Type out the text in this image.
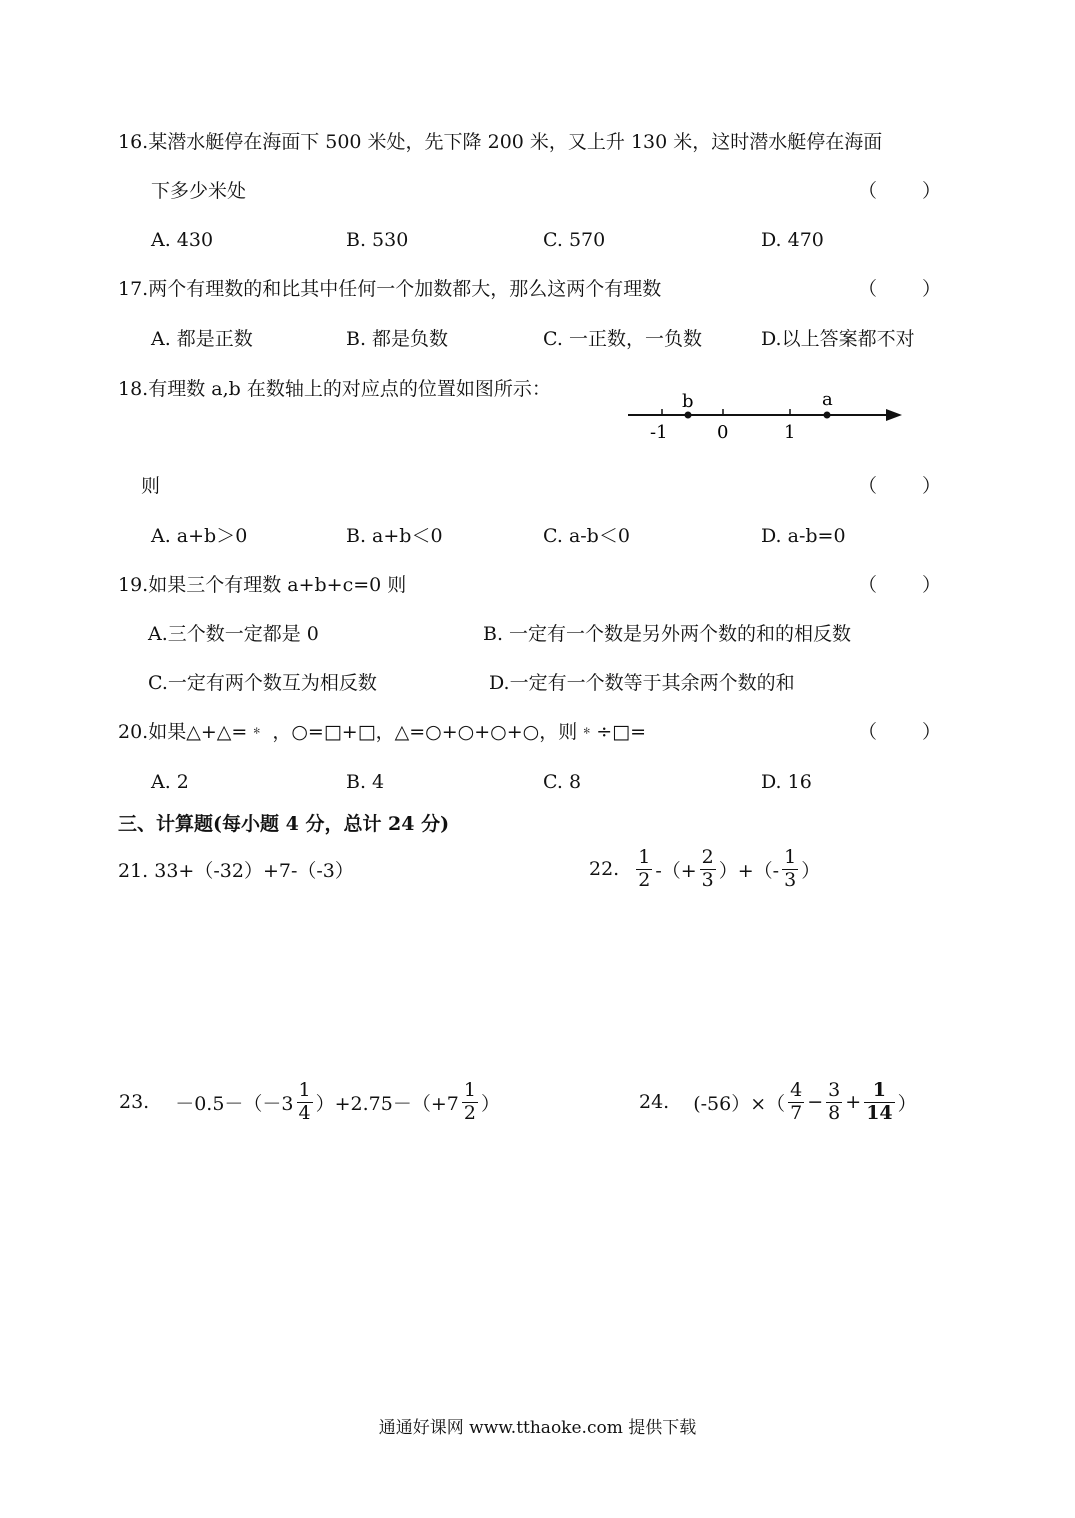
16.某潜水艇停在海面下 500 米处，先下降 200 米，又上升 130 米，这时潜水艇停在海面
下多少米处	（ ）
A. 430	B. 530	C. 570	D. 470
17.两个有理数的和比其中任何一个加数都大，那么这两个有理数	（ ）
A. 都是正数	B. 都是负数	C. 一正数，一负数	D.以上答案都不对
18.有理数 a,b 在数轴上的对应点的位置如图所示：
-1	0	1
b	a
则	（ ）
A. a+b＞0	B. a+b＜0	C. a-b＜0	D. a-b=0
19.如果三个有理数 a+b+c=0 则	（ ）
A.三个数一定都是 0	B. 一定有一个数是另外两个数的和的相反数
C.一定有两个数互为相反数	D.一定有一个数等于其余两个数的和
20.如果△+△=﹡ ，○=□+□，△=○+○+○+○，则﹡÷□=	（ ）
A. 2	B. 4	C. 8	D. 16
三、计算题(每小题 4 分，总计 24 分)
21. 33+（-32）+7-（-3）	22. $\frac{1}{2}$ -（+ $\frac{2}{3}$ ）+（- $\frac{1}{3}$ ）
23. $-0.5-(-3 \frac{1}{4} )+2.75-(+7 \frac{1}{2}$ ）	24. $(-56)\times( \frac{4}{7} - \frac{3}{8} + \frac{1}{14}$ ）
通通好课网 www.tthaoke.com 提供下载
